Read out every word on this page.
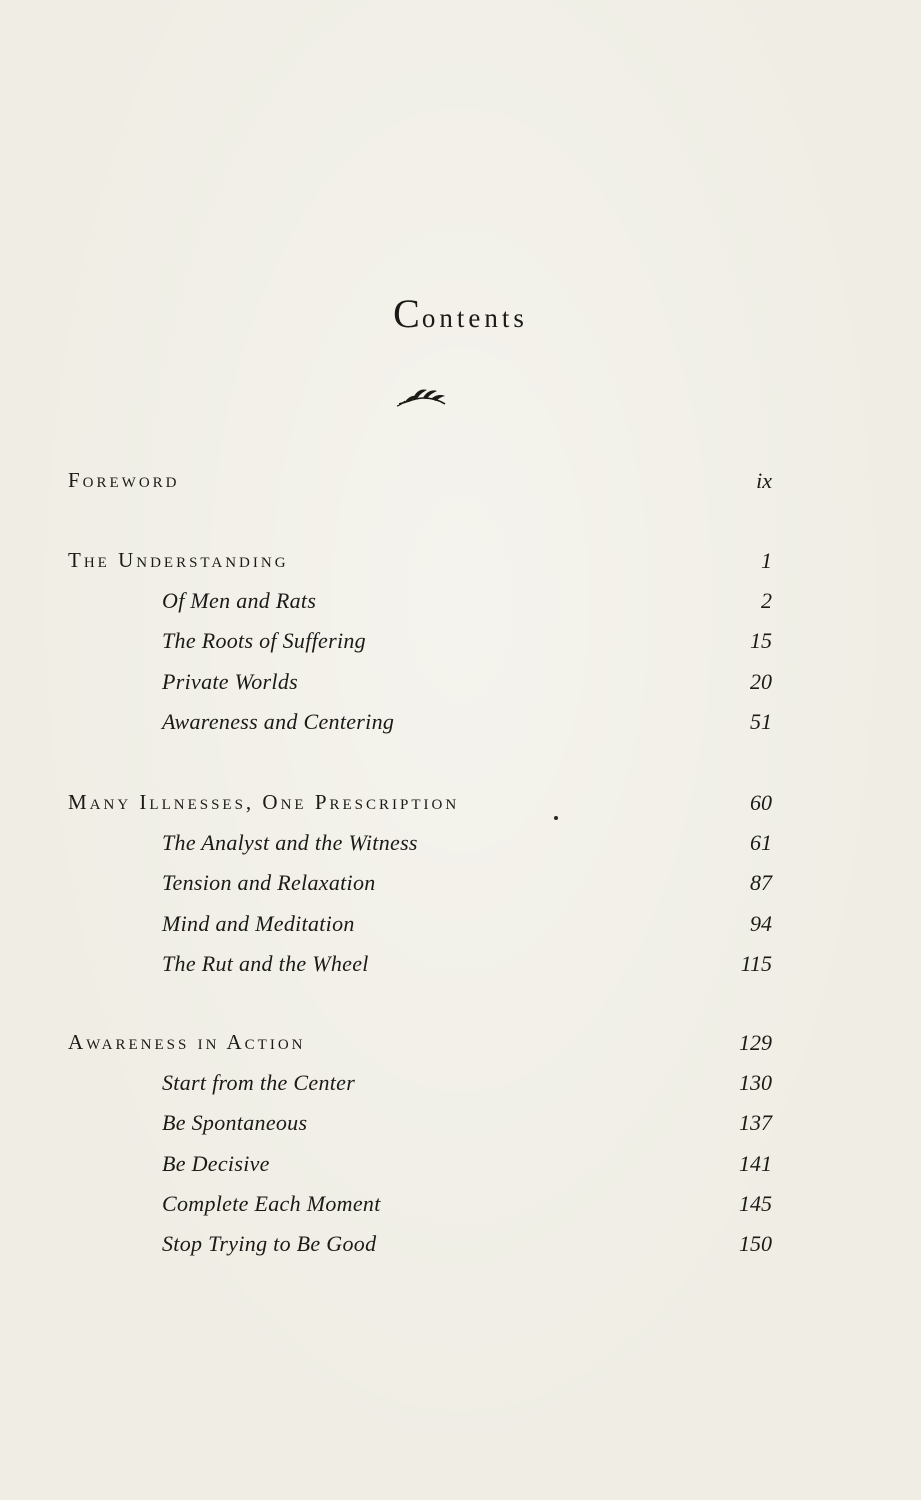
Contents
Foreword	ix
The Understanding	1
Of Men and Rats	2
The Roots of Suffering	15
Private Worlds	20
Awareness and Centering	51
Many Illnesses, One Prescription	60
The Analyst and the Witness	61
Tension and Relaxation	87
Mind and Meditation	94
The Rut and the Wheel	115
Awareness in Action	129
Start from the Center	130
Be Spontaneous	137
Be Decisive	141
Complete Each Moment	145
Stop Trying to Be Good	150
